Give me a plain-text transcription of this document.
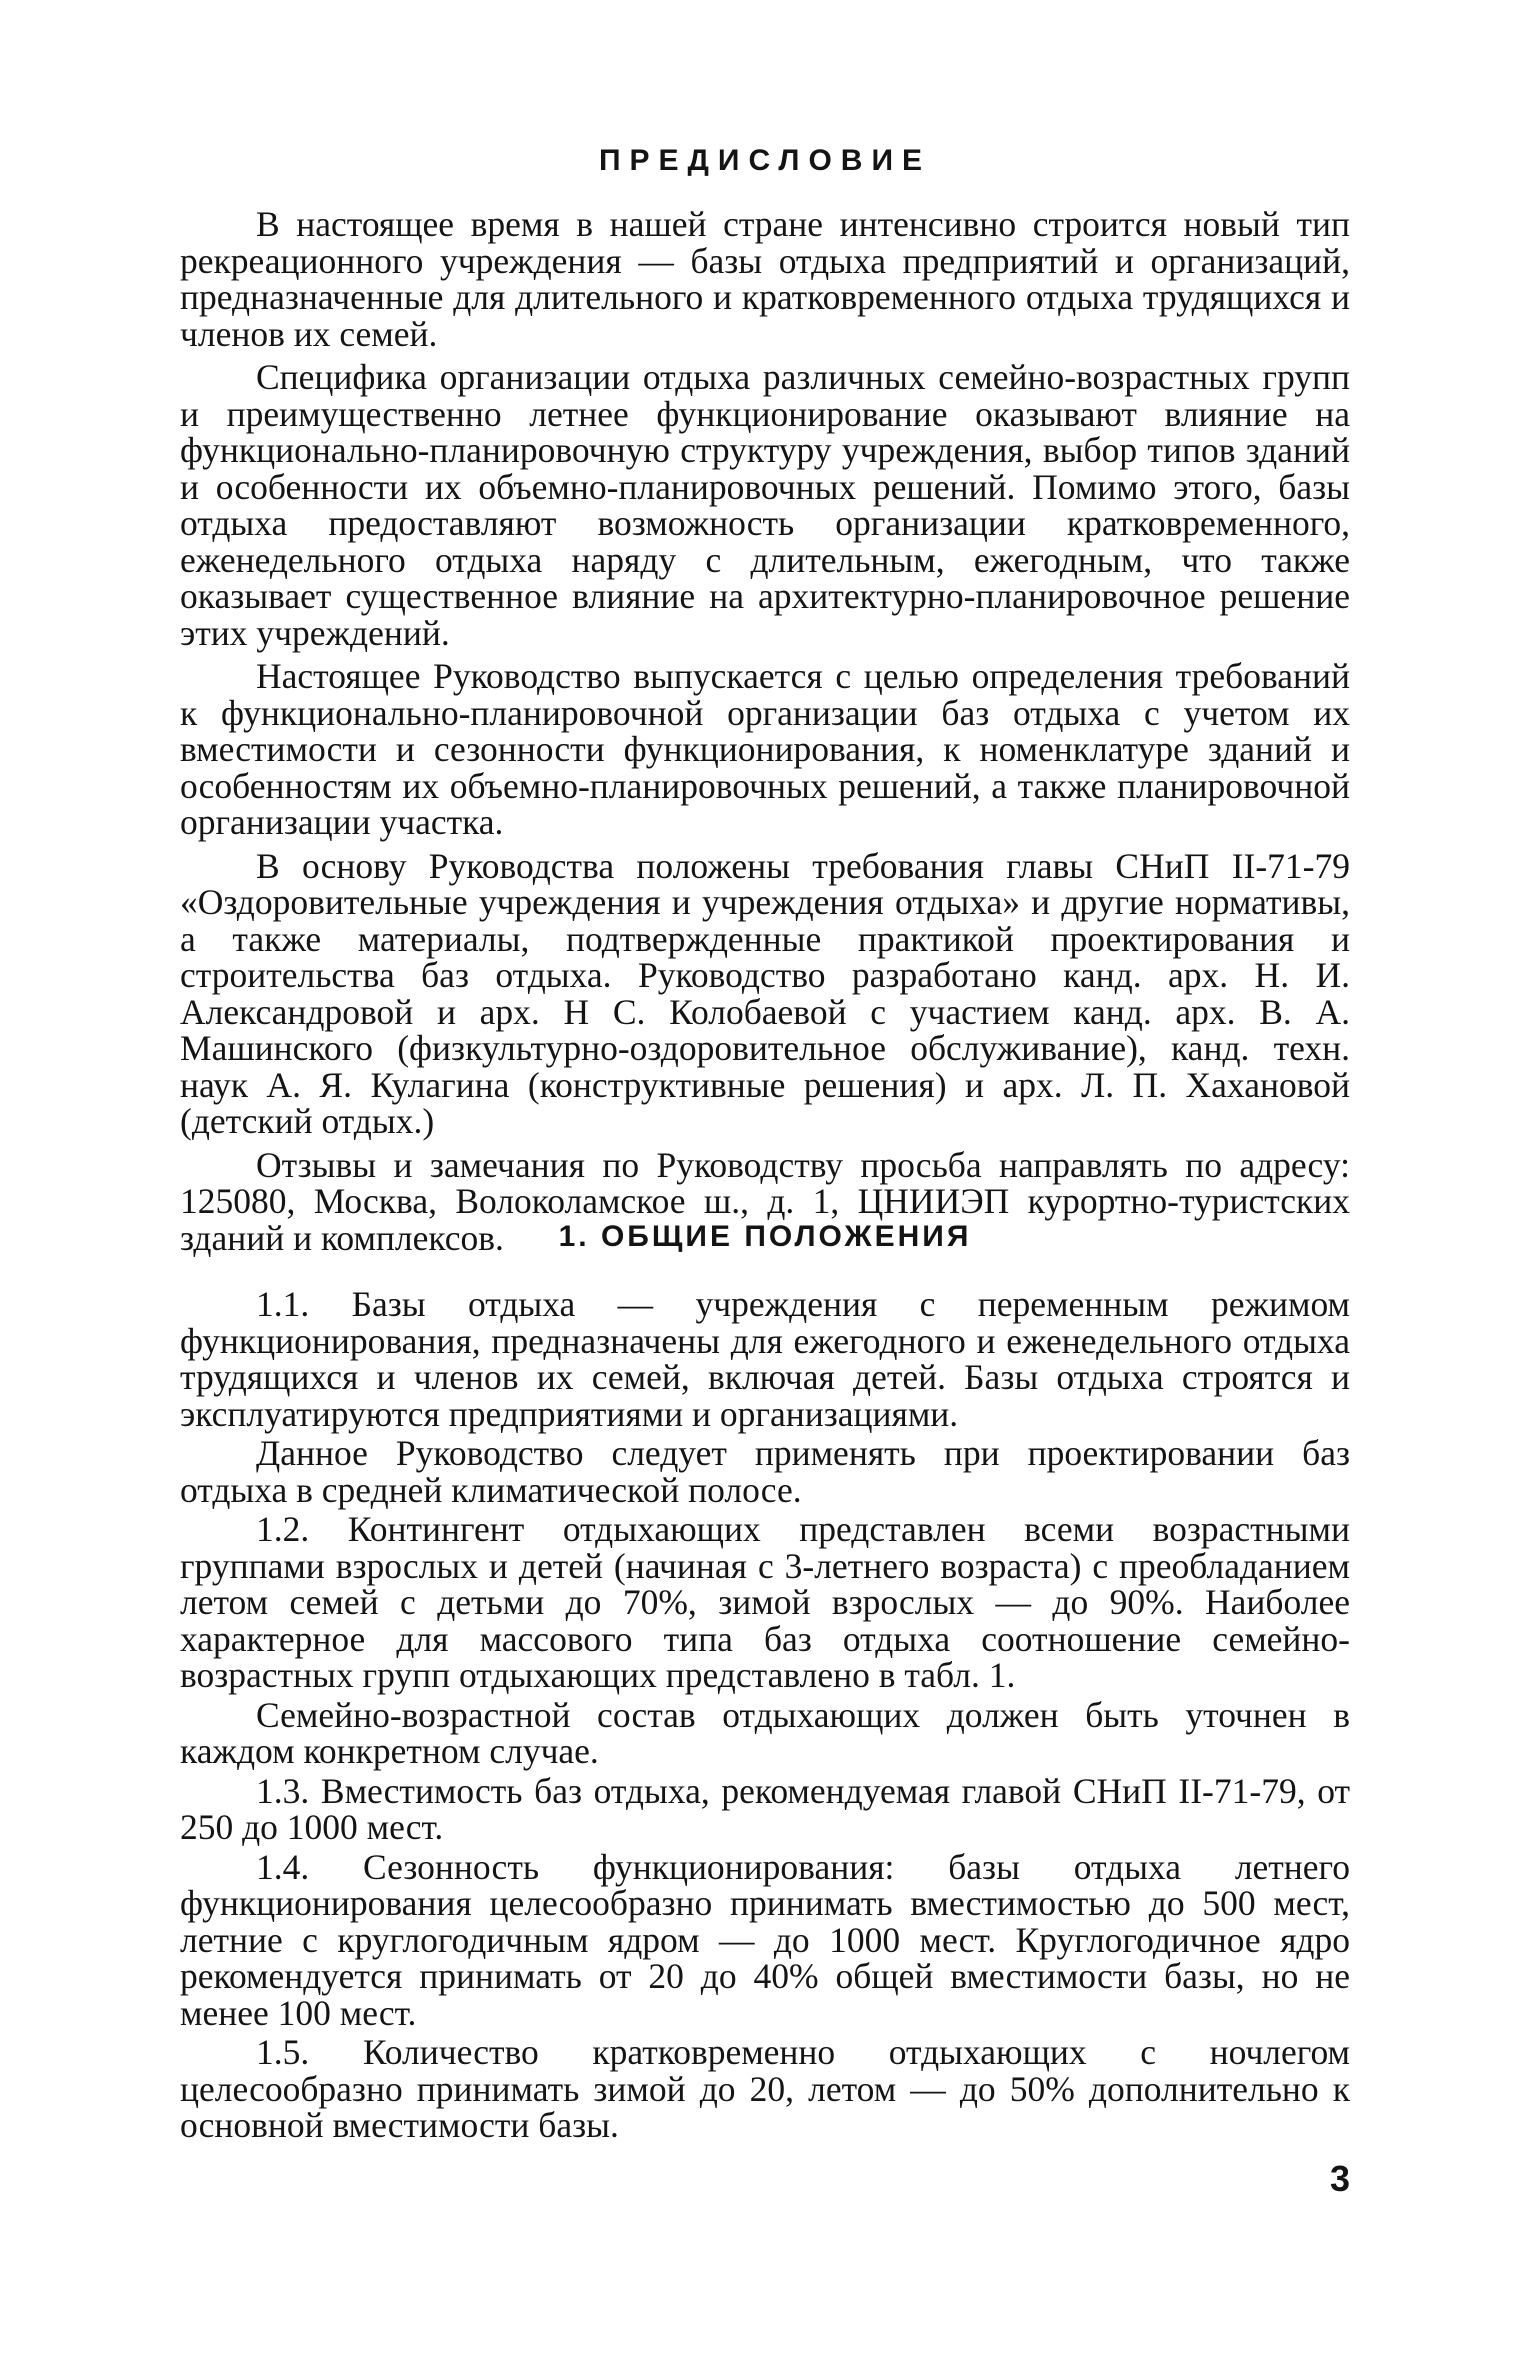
ПРЕДИСЛОВИЕ

В настоящее время в нашей стране интенсивно строится новый тип рекреационного учреждения — базы отдыха предприятий и организаций, предназначенные для длительного и кратковременного отдыха трудящихся и членов их семей.

Специфика организации отдыха различных семейно-возрастных групп и преимущественно летнее функционирование оказывают влияние на функционально-планировочную структуру учреждения, выбор типов зданий и особенности их объемно-планировочных решений. Помимо этого, базы отдыха предоставляют возможность организации кратковременного, еженедельного отдыха наряду с длительным, ежегодным, что также оказывает существенное влияние на архитектурно-планировочное решение этих учреждений.

Настоящее Руководство выпускается с целью определения требований к функционально-планировочной организации баз отдыха с учетом их вместимости и сезонности функционирования, к номенклатуре зданий и особенностям их объемно-планировочных решений, а также планировочной организации участка.

В основу Руководства положены требования главы СНиП II-71-79 «Оздоровительные учреждения и учреждения отдыха» и другие нормативы, а также материалы, подтвержденные практикой проектирования и строительства баз отдыха. Руководство разработано канд. арх. Н. И. Александровой и арх. Н С. Колобаевой с участием канд. арх. В. А. Машинского (физкультурно-оздоровительное обслуживание), канд. техн. наук А. Я. Кулагина (конструктивные решения) и арх. Л. П. Хахановой (детский отдых.)

Отзывы и замечания по Руководству просьба направлять по адресу: 125080, Москва, Волоколамское ш., д. 1, ЦНИИЭП курортно-туристских зданий и комплексов.	1. ОБЩИЕ ПОЛОЖЕНИЯ

1.1. Базы отдыха — учреждения с переменным режимом функционирования, предназначены для ежегодного и еженедельного отдыха трудящихся и членов их семей, включая детей. Базы отдыха строятся и эксплуатируются предприятиями и организациями.

Данное Руководство следует применять при проектировании баз отдыха в средней климатической полосе.

1.2. Контингент отдыхающих представлен всеми возрастными группами взрослых и детей (начиная с 3-летнего возраста) с преобладанием летом семей с детьми до 70%, зимой взрослых — до 90%. Наиболее характерное для массового типа баз отдыха соотношение семейно-возрастных групп отдыхающих представлено в табл. 1.

Семейно-возрастной состав отдыхающих должен быть уточнен в каждом конкретном случае.

1.3. Вместимость баз отдыха, рекомендуемая главой СНиП II-71-79, от 250 до 1000 мест.

1.4. Сезонность функционирования: базы отдыха летнего функционирования целесообразно принимать вместимостью до 500 мест, летние с круглогодичным ядром — до 1000 мест. Круглогодичное ядро рекомендуется принимать от 20 до 40% общей вместимости базы, но не менее 100 мест.

1.5. Количество кратковременно отдыхающих с ночлегом целесообразно принимать зимой до 20, летом — до 50% дополнительно к основной вместимости базы.

3
